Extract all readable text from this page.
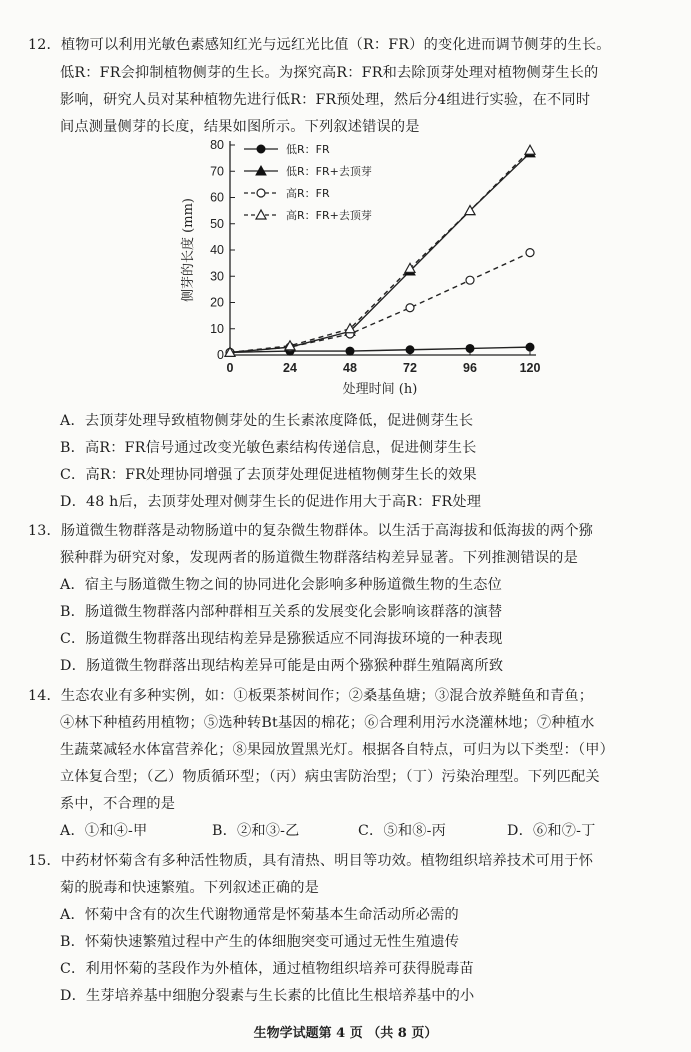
12．植物可以利用光敏色素感知红光与远红光比值（R：FR）的变化进而调节侧芽的生长。
低R：FR会抑制植物侧芽的生长。为探究高R：FR和去除顶芽处理对植物侧芽生长的
影响，研究人员对某种植物先进行低R：FR预处理，然后分4组进行实验，在不同时
间点测量侧芽的长度，结果如图所示。下列叙述错误的是
0
10
20
30
40
50
60
70
80
0	24	48	72	96	120
处理时间 (h)
侧芽的长度 (mm)
低R：FR
低R：FR+去顶芽
高R：FR
高R：FR+去顶芽
A．去顶芽处理导致植物侧芽处的生长素浓度降低，促进侧芽生长
B．高R：FR信号通过改变光敏色素结构传递信息，促进侧芽生长
C．高R：FR处理协同增强了去顶芽处理促进植物侧芽生长的效果
D．48 h后，去顶芽处理对侧芽生长的促进作用大于高R：FR处理
13．肠道微生物群落是动物肠道中的复杂微生物群体。以生活于高海拔和低海拔的两个猕
猴种群为研究对象，发现两者的肠道微生物群落结构差异显著。下列推测错误的是
A．宿主与肠道微生物之间的协同进化会影响多种肠道微生物的生态位
B．肠道微生物群落内部种群相互关系的发展变化会影响该群落的演替
C．肠道微生物群落出现结构差异是猕猴适应不同海拔环境的一种表现
D．肠道微生物群落出现结构差异可能是由两个猕猴种群生殖隔离所致
14．生态农业有多种实例，如：①板栗茶树间作；②桑基鱼塘；③混合放养鲢鱼和青鱼；
④林下种植药用植物；⑤选种转Bt基因的棉花；⑥合理利用污水浇灌林地；⑦种植水
生蔬菜减轻水体富营养化；⑧果园放置黑光灯。根据各自特点，可归为以下类型：（甲）
立体复合型；（乙）物质循环型；（丙）病虫害防治型；（丁）污染治理型。下列匹配关
系中，不合理的是
A．①和④-甲	B．②和③-乙	C．⑤和⑧-丙	D．⑥和⑦-丁
15．中药材怀菊含有多种活性物质，具有清热、明目等功效。植物组织培养技术可用于怀
菊的脱毒和快速繁殖。下列叙述正确的是
A．怀菊中含有的次生代谢物通常是怀菊基本生命活动所必需的
B．怀菊快速繁殖过程中产生的体细胞突变可通过无性生殖遗传
C．利用怀菊的茎段作为外植体，通过植物组织培养可获得脱毒苗
D．生芽培养基中细胞分裂素与生长素的比值比生根培养基中的小
生物学试题第 4 页 （共 8 页）
